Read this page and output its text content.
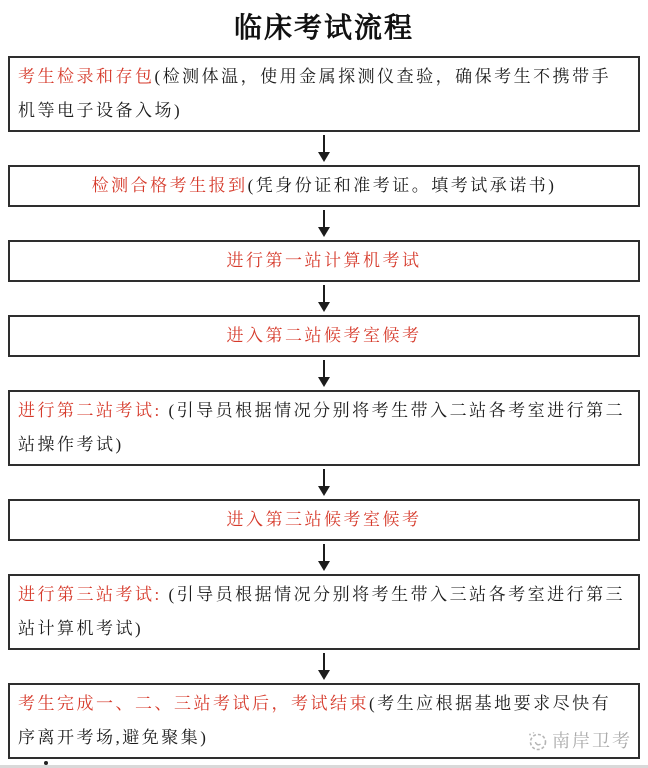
临床考试流程
考生检录和存包(检测体温，使用金属探测仪查验，确保考生不携带手机等电子设备入场)
检测合格考生报到(凭身份证和准考证。填考试承诺书)
进行第一站计算机考试
进入第二站候考室候考
进行第二站考试: (引导员根据情况分别将考生带入二站各考室进行第二站操作考试)
进入第三站候考室候考
进行第三站考试: (引导员根据情况分别将考生带入三站各考室进行第三站计算机考试)
考生完成一、二、三站考试后，考试结束(考生应根据基地要求尽快有序离开考场,避免聚集)	南岸卫考
